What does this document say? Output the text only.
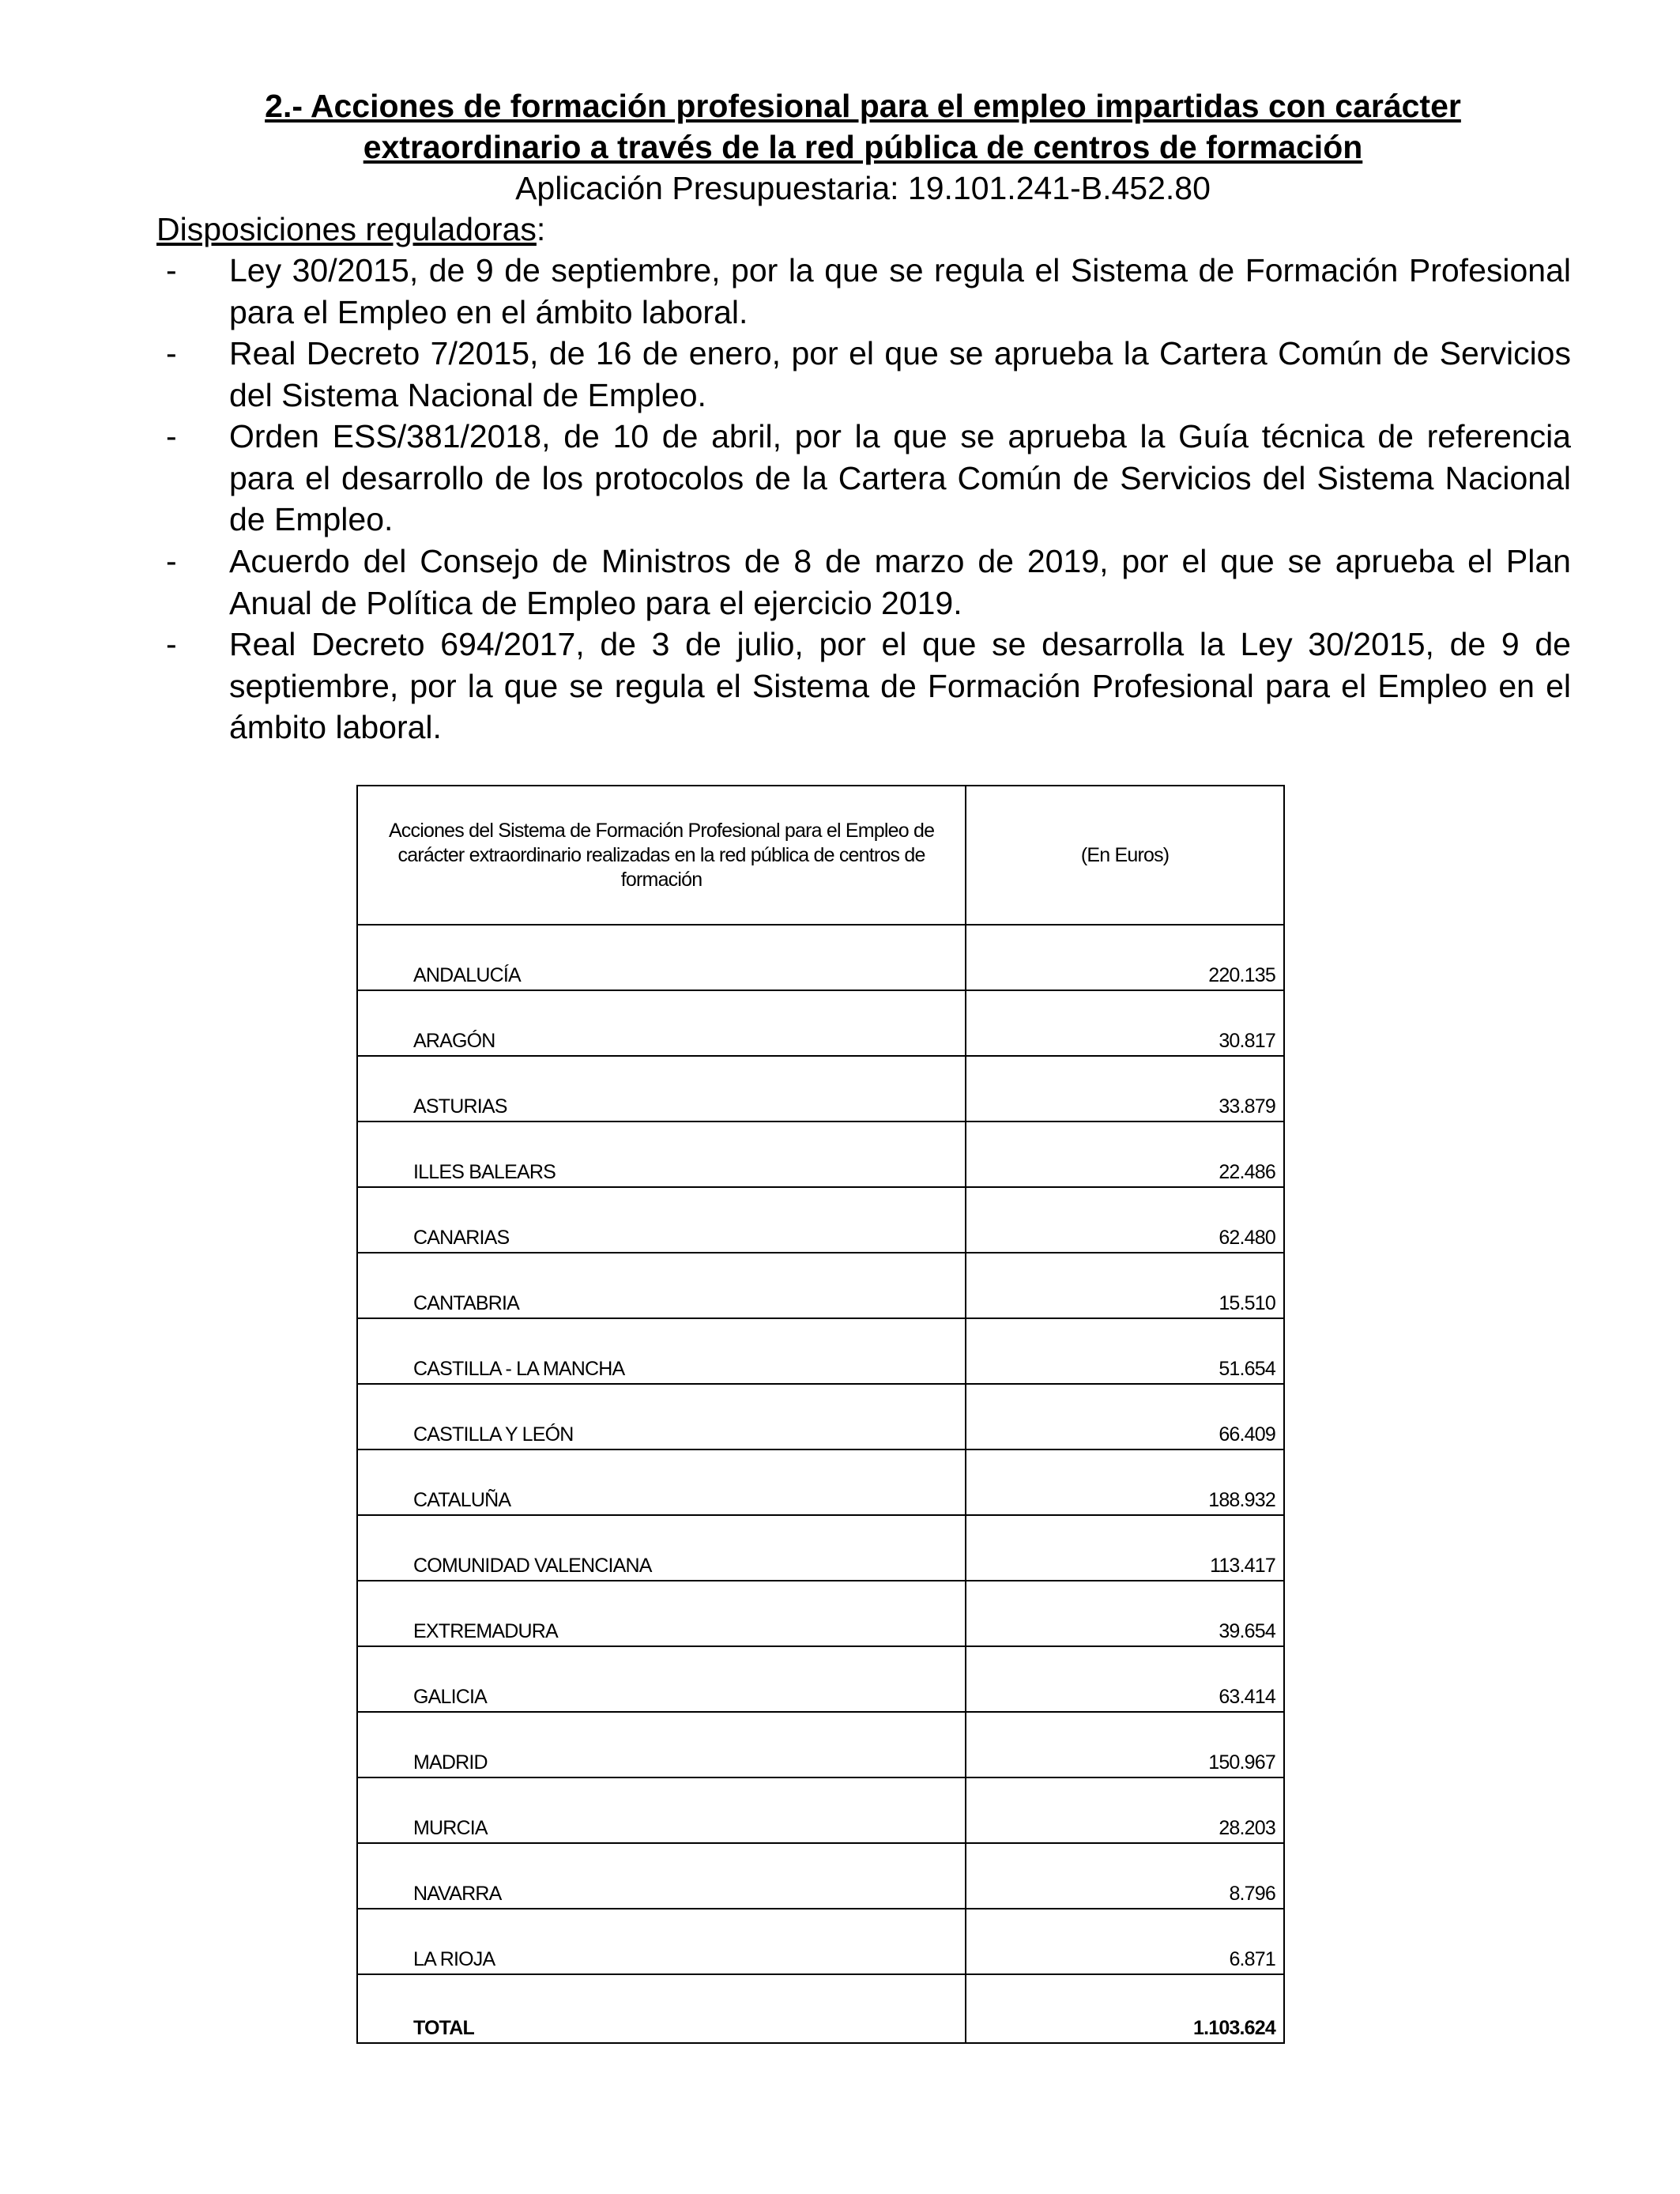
2.- Acciones de formación profesional para el empleo impartidas con carácter
extraordinario a través de la red pública de centros de formación
Aplicación Presupuestaria: 19.101.241-B.452.80
Disposiciones reguladoras:
- Ley 30/2015, de 9 de septiembre, por la que se regula el Sistema de Formación Profesional para el Empleo en el ámbito laboral.
- Real Decreto 7/2015, de 16 de enero, por el que se aprueba la Cartera Común de Servicios del Sistema Nacional de Empleo.
- Orden ESS/381/2018, de 10 de abril, por la que se aprueba la Guía técnica de referencia para el desarrollo de los protocolos de la Cartera Común de Servicios del Sistema Nacional de Empleo.
- Acuerdo del Consejo de Ministros de 8 de marzo de 2019, por el que se aprueba el Plan Anual de Política de Empleo para el ejercicio 2019.
- Real Decreto 694/2017, de 3 de julio, por el que se desarrolla la Ley 30/2015, de 9 de septiembre, por la que se regula el Sistema de Formación Profesional para el Empleo en el ámbito laboral.
Acciones del Sistema de Formación Profesional para el Empleo de carácter extraordinario realizadas en la red pública de centros de formación	(En Euros)
ANDALUCÍA	220.135
ARAGÓN	30.817
ASTURIAS	33.879
ILLES BALEARS	22.486
CANARIAS	62.480
CANTABRIA	15.510
CASTILLA - LA MANCHA	51.654
CASTILLA Y LEÓN	66.409
CATALUÑA	188.932
COMUNIDAD VALENCIANA	113.417
EXTREMADURA	39.654
GALICIA	63.414
MADRID	150.967
MURCIA	28.203
NAVARRA	8.796
LA RIOJA	6.871
TOTAL	1.103.624
